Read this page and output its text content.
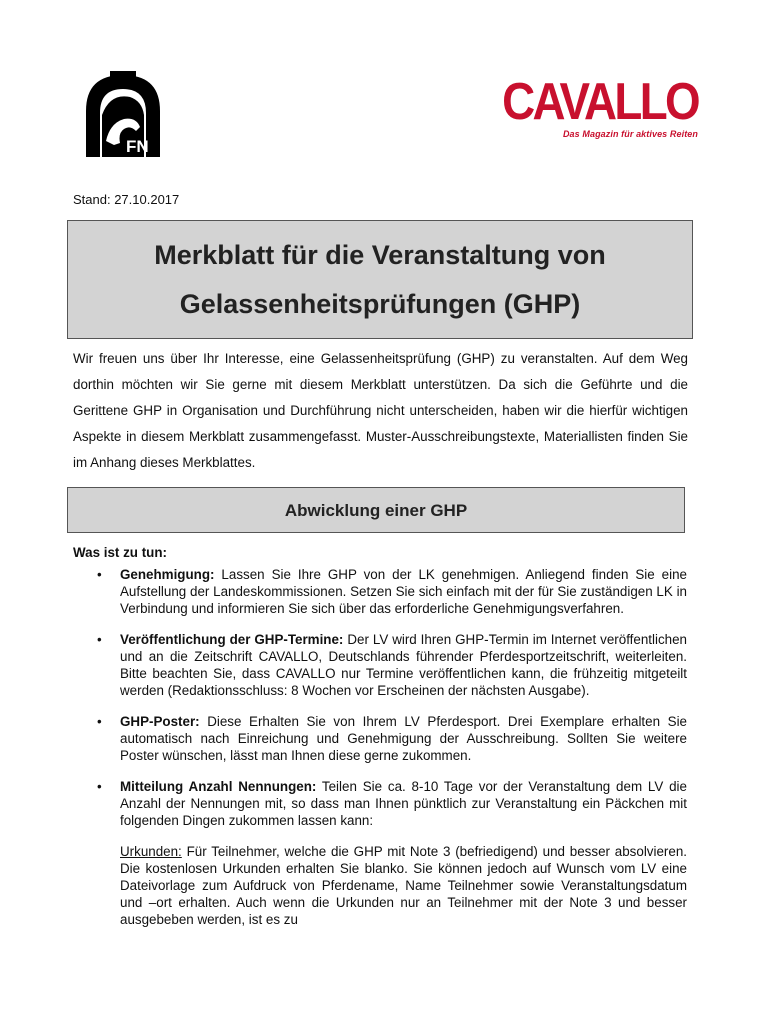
FN
CAVALLO
Das Magazin für aktives Reiten
Stand: 27.10.2017
Merkblatt für die Veranstaltung von
Gelassenheitsprüfungen (GHP)
Wir freuen uns über Ihr Interesse, eine Gelassenheitsprüfung (GHP) zu veranstalten. Auf dem Weg dorthin möchten wir Sie gerne mit diesem Merkblatt unterstützen. Da sich die Geführte und die Gerittene GHP in Organisation und Durchführung nicht unterscheiden, haben wir die hierfür wichtigen Aspekte in diesem Merkblatt zusammengefasst. Muster-Ausschreibungstexte, Materiallisten finden Sie im Anhang dieses Merkblattes.
Abwicklung einer GHP
Was ist zu tun:
• Genehmigung: Lassen Sie Ihre GHP von der LK genehmigen. Anliegend finden Sie eine Aufstellung der Landeskommissionen. Setzen Sie sich einfach mit der für Sie zuständigen LK in Verbindung und informieren Sie sich über das erforderliche Genehmigungsverfahren.
• Veröffentlichung der GHP-Termine: Der LV wird Ihren GHP-Termin im Internet veröffentlichen und an die Zeitschrift CAVALLO, Deutschlands führender Pferdesportzeitschrift, weiterleiten. Bitte beachten Sie, dass CAVALLO nur Termine veröffentlichen kann, die frühzeitig mitgeteilt werden (Redaktionsschluss: 8 Wochen vor Erscheinen der nächsten Ausgabe).
• GHP-Poster: Diese Erhalten Sie von Ihrem LV Pferdesport. Drei Exemplare erhalten Sie automatisch nach Einreichung und Genehmigung der Ausschreibung. Sollten Sie weitere Poster wünschen, lässt man Ihnen diese gerne zukommen.
• Mitteilung Anzahl Nennungen: Teilen Sie ca. 8-10 Tage vor der Veranstaltung dem LV die Anzahl der Nennungen mit, so dass man Ihnen pünktlich zur Veranstaltung ein Päckchen mit folgenden Dingen zukommen lassen kann:
Urkunden: Für Teilnehmer, welche die GHP mit Note 3 (befriedigend) und besser absolvieren. Die kostenlosen Urkunden erhalten Sie blanko. Sie können jedoch auf Wunsch vom LV eine Dateivorlage zum Aufdruck von Pferdename, Name Teilnehmer sowie Veranstaltungsdatum und –ort erhalten. Auch wenn die Urkunden nur an Teilnehmer mit der Note 3 und besser ausgebeben werden, ist es zu
